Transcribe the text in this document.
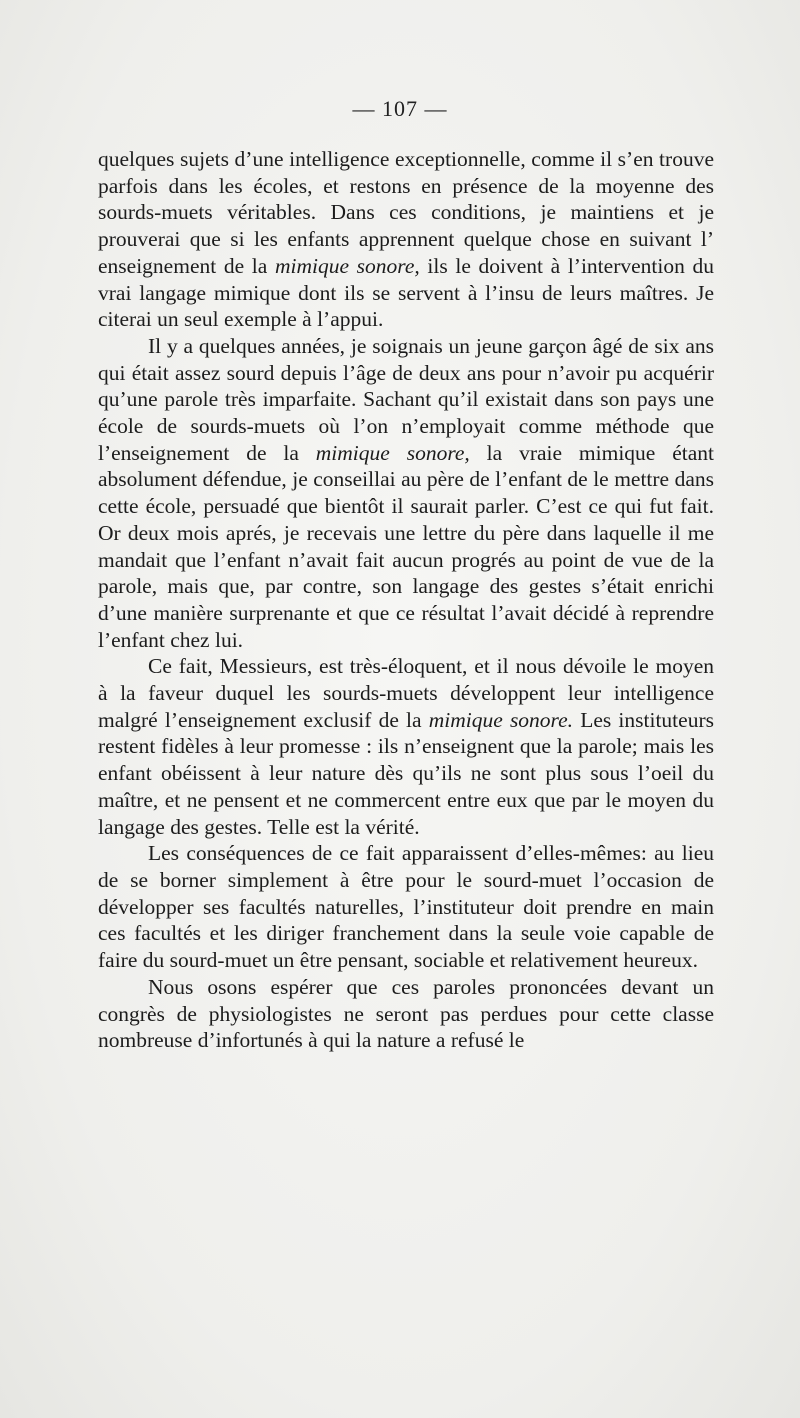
— 107 —

quelques sujets d’une intelligence exceptionnelle, comme il s’en trouve parfois dans les écoles, et restons en présence de la moyenne des sourds-muets véritables. Dans ces conditions, je maintiens et je prouverai que si les enfants apprennent quelque chose en suivant l’ enseignement de la mimique sonore, ils le doivent à l’intervention du vrai langage mimique dont ils se servent à l’insu de leurs maîtres. Je citerai un seul exemple à l’appui.

Il y a quelques années, je soignais un jeune garçon âgé de six ans qui était assez sourd depuis l’âge de deux ans pour n’avoir pu acquérir qu’une parole très imparfaite. Sachant qu’il existait dans son pays une école de sourds-muets où l’on n’employait comme méthode que l’enseignement de la mimique sonore, la vraie mimique étant absolument défendue, je conseillai au père de l’enfant de le mettre dans cette école, persuadé que bientôt il saurait parler. C’est ce qui fut fait. Or deux mois aprés, je recevais une lettre du père dans laquelle il me mandait que l’enfant n’avait fait aucun progrés au point de vue de la parole, mais que, par contre, son langage des gestes s’était enrichi d’une manière surprenante et que ce résultat l’avait décidé à reprendre l’enfant chez lui.

Ce fait, Messieurs, est très-éloquent, et il nous dévoile le moyen à la faveur duquel les sourds-muets développent leur intelligence malgré l’enseignement exclusif de la mimique sonore. Les instituteurs restent fidèles à leur promesse : ils n’enseignent que la parole; mais les enfant obéissent à leur nature dès qu’ils ne sont plus sous l’oeil du maître, et ne pensent et ne commercent entre eux que par le moyen du langage des gestes. Telle est la vérité.

Les conséquences de ce fait apparaissent d’elles-mêmes: au lieu de se borner simplement à être pour le sourd-muet l’occasion de développer ses facultés naturelles, l’instituteur doit prendre en main ces facultés et les diriger franchement dans la seule voie capable de faire du sourd-muet un être pensant, sociable et relativement heureux.

Nous osons espérer que ces paroles prononcées devant un congrès de physiologistes ne seront pas perdues pour cette classe nombreuse d’infortunés à qui la nature a refusé le
